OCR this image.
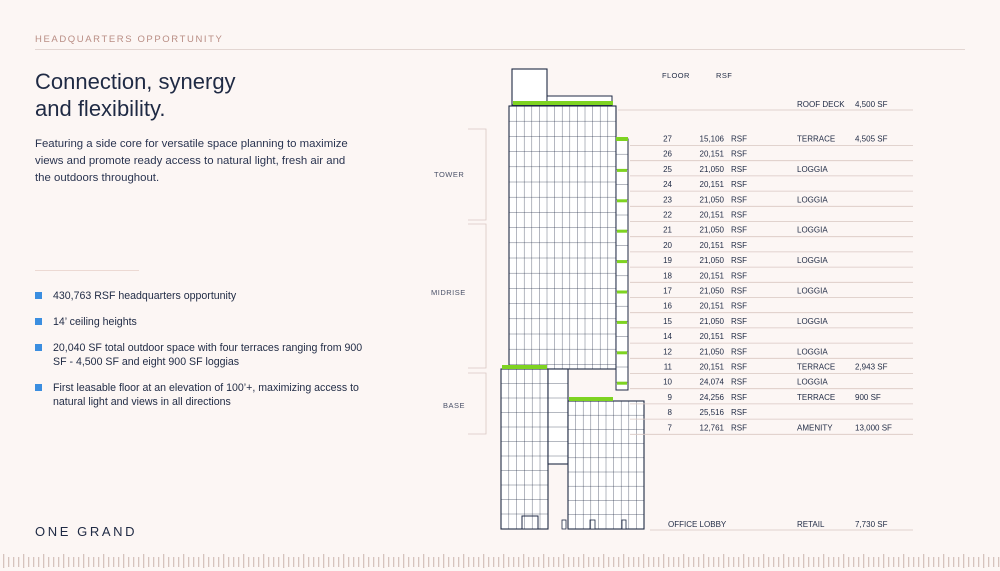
HEADQUARTERS OPPORTUNITY
Connection, synergy
and flexibility.
Featuring a side core for versatile space planning to maximize views and promote ready access to natural light, fresh air and the outdoors throughout.
430,763 RSF headquarters opportunity
14’ ceiling heights
20,040 SF total outdoor space with four terraces ranging from 900 SF - 4,500 SF and eight 900 SF loggias
First leasable floor at an elevation of 100’+, maximizing access to natural light and views in all directions
ONE GRAND
FLOOR	RSF
ROOF DECK 4,500 SF
TOWER
MIDRISE
BASE
27	15,106 RSF	TERRACE 4,505 SF
26	20,151 RSF
25	21,050 RSF	LOGGIA
24	20,151 RSF
23	21,050 RSF	LOGGIA
22	20,151 RSF
21	21,050 RSF	LOGGIA
20	20,151 RSF
19	21,050 RSF	LOGGIA
18	20,151 RSF
17	21,050 RSF	LOGGIA
16	20,151 RSF
15	21,050 RSF	LOGGIA
14	20,151 RSF
12	21,050 RSF	LOGGIA
11	20,151 RSF	TERRACE 2,943 SF
10	24,074 RSF	LOGGIA
9	24,256 RSF	TERRACE 900 SF
8	25,516 RSF
7	12,761 RSF	AMENITY	13,000 SF
OFFICE LOBBY	RETAIL	7,730 SF
